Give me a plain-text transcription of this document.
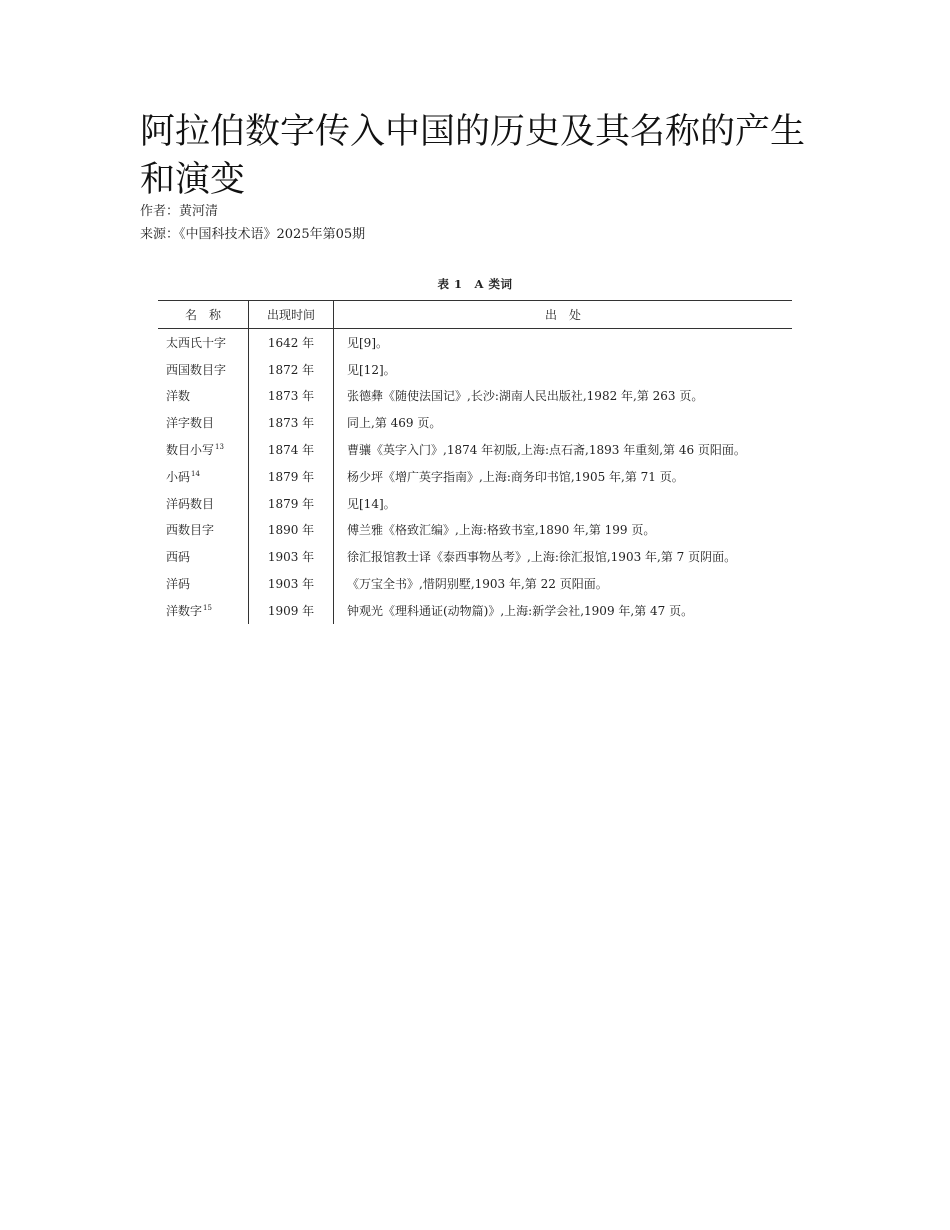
阿拉伯数字传入中国的历史及其名称的产生和演变
作者：黄河清
来源：《中国科技术语》2025年第05期
表 1　A 类词
名　称	出现时间	出　处
太西氏十字	1642 年	见[9]。
西国数目字	1872 年	见[12]。
洋数	1873 年	张德彝《随使法国记》,长沙:湖南人民出版社,1982 年,第 263 页。
洋字数目	1873 年	同上,第 469 页。
数目小写$^{13}$	1874 年	曹骧《英字入门》,1874 年初版,上海:点石斋,1893 年重刻,第 46 页阳面。
小码$^{14}$	1879 年	杨少坪《增广英字指南》,上海:商务印书馆,1905 年,第 71 页。
洋码数目	1879 年	见[14]。
西数目字	1890 年	傅兰雅《格致汇编》,上海:格致书室,1890 年,第 199 页。
西码	1903 年	徐汇报馆教士译《泰西事物丛考》,上海:徐汇报馆,1903 年,第 7 页阴面。
洋码	1903 年	《万宝全书》,惜阴别墅,1903 年,第 22 页阳面。
洋数字$^{15}$	1909 年	钟观光《理科通证(动物篇)》,上海:新学会社,1909 年,第 47 页。
